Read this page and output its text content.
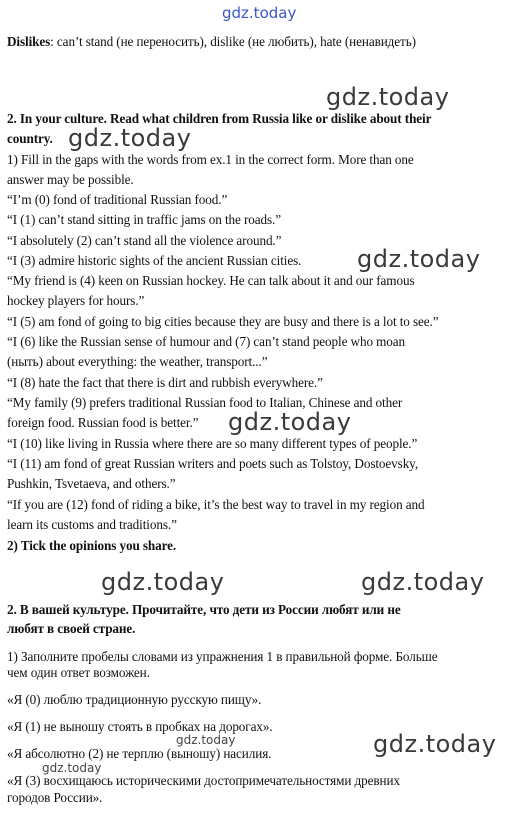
Dislikes: can’t stand (не переносить), dislike (не любить), hate (ненавидеть)
2. In your culture. Read what children from Russia like or dislike about their
country.
1) Fill in the gaps with the words from ex.1 in the correct form. More than one
answer may be possible.
“I’m (0) fond of traditional Russian food.”
“I (1) can’t stand sitting in traffic jams on the roads.”
“I absolutely (2) can’t stand all the violence around.”
“I (3) admire historic sights of the ancient Russian cities.
“My friend is (4) keen on Russian hockey. He can talk about it and our famous
hockey players for hours.”
“I (5) am fond of going to big cities because they are busy and there is a lot to see.”
“I (6) like the Russian sense of humour and (7) can’t stand people who moan
(ныть) about everything: the weather, transport...”
“I (8) hate the fact that there is dirt and rubbish everywhere.”
“My family (9) prefers traditional Russian food to Italian, Chinese and other
foreign food. Russian food is better.”
“I (10) like living in Russia where there are so many different types of people.”
“I (11) am fond of great Russian writers and poets such as Tolstoy, Dostoevsky,
Pushkin, Tsvetaeva, and others.”
“If you are (12) fond of riding a bike, it’s the best way to travel in my region and
learn its customs and traditions.”
2) Tick the opinions you share.
2. В вашей культуре. Прочитайте, что дети из России любят или не
любят в своей стране.
1) Заполните пробелы словами из упражнения 1 в правильной форме. Больше
чем один ответ возможен.
«Я (0) люблю традиционную русскую пищу».
«Я (1) не выношу стоять в пробках на дорогах».
«Я абсолютно (2) не терплю (выношу) насилия.
«Я (3) восхищаюсь историческими достопримечательностями древних
городов России».
gdz.today
gdz.today
gdz.today
gdz.today
gdz.today
gdz.today	gdz.today
gdz.today
gdz.today
gdz.today
